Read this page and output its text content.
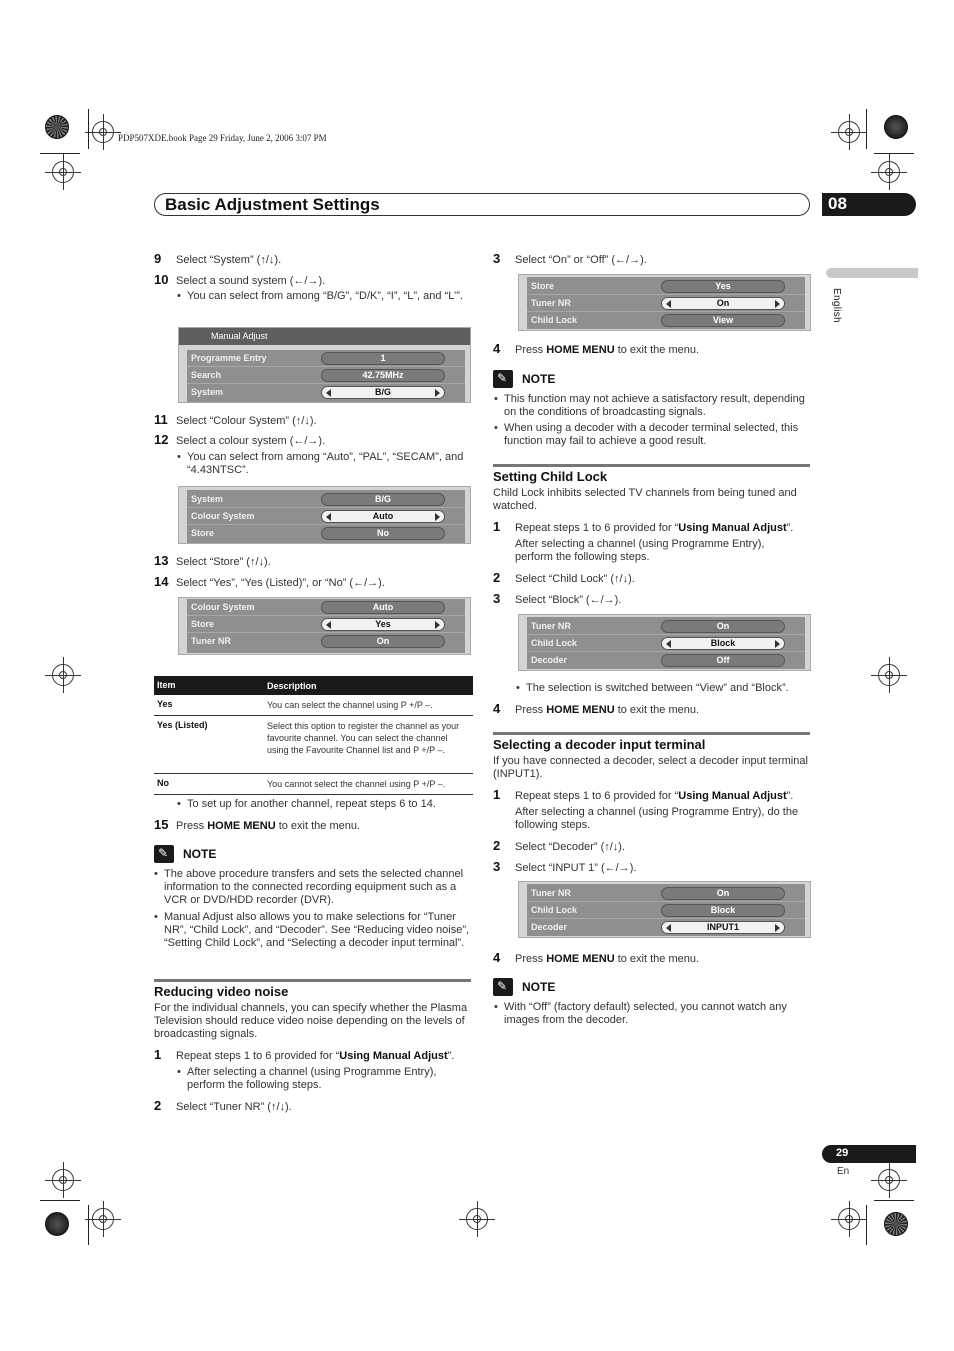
PDP507XDE.book Page 29 Friday, June 2, 2006 3:07 PM
Basic Adjustment Settings	08
English
9 Select “System” (↑/↓).
10 Select a sound system (←/→).
• You can select from among “B/G”, “D/K”, “I”, “L”, and “L’”.
Manual Adjust
Programme Entry	1
Search	42.75MHz
System	B/G
11 Select “Colour System” (↑/↓).
12 Select a colour system (←/→).
• You can select from among “Auto”, “PAL”, “SECAM”, and “4.43NTSC”.
System	B/G
Colour System	Auto
Store	No
13 Select “Store” (↑/↓).
14 Select “Yes”, “Yes (Listed)”, or “No” (←/→).
Colour System	Auto
Store	Yes
Tuner NR	On
Item	Description
Yes	You can select the channel using P +/P –.
Yes (Listed)	Select this option to register the channel as your favourite channel. You can select the channel using the Favourite Channel list and P +/P –.
No	You cannot select the channel using P +/P –.
• To set up for another channel, repeat steps 6 to 14.
15 Press HOME MENU to exit the menu.
✎
NOTE
• The above procedure transfers and sets the selected channel information to the connected recording equipment such as a VCR or DVD/HDD recorder (DVR).
• Manual Adjust also allows you to make selections for “Tuner NR”, “Child Lock”, and “Decoder”. See “Reducing video noise”, “Setting Child Lock”, and “Selecting a decoder input terminal”.
Reducing video noise
For the individual channels, you can specify whether the Plasma Television should reduce video noise depending on the levels of broadcasting signals.
1 Repeat steps 1 to 6 provided for “Using Manual Adjust”.
• After selecting a channel (using Programme Entry), perform the following steps.
2 Select “Tuner NR” (↑/↓).
3 Select “On” or “Off” (←/→).
Store	Yes
Tuner NR	On
Child Lock	View
4 Press HOME MENU to exit the menu.
✎
NOTE
• This function may not achieve a satisfactory result, depending on the conditions of broadcasting signals.
• When using a decoder with a decoder terminal selected, this function may fail to achieve a good result.
Setting Child Lock
Child Lock inhibits selected TV channels from being tuned and watched.
1 Repeat steps 1 to 6 provided for “Using Manual Adjust”.
After selecting a channel (using Programme Entry), perform the following steps.
2 Select “Child Lock” (↑/↓).
3 Select “Block” (←/→).
Tuner NR	On
Child Lock	Block
Decoder	Off
• The selection is switched between “View” and “Block”.
4 Press HOME MENU to exit the menu.
Selecting a decoder input terminal
If you have connected a decoder, select a decoder input terminal (INPUT1).
1 Repeat steps 1 to 6 provided for “Using Manual Adjust”.
After selecting a channel (using Programme Entry), do the following steps.
2 Select “Decoder” (↑/↓).
3 Select “INPUT 1” (←/→).
Tuner NR	On
Child Lock	Block
Decoder	INPUT1
4 Press HOME MENU to exit the menu.
✎
NOTE
• With “Off” (factory default) selected, you cannot watch any images from the decoder.
29
En
